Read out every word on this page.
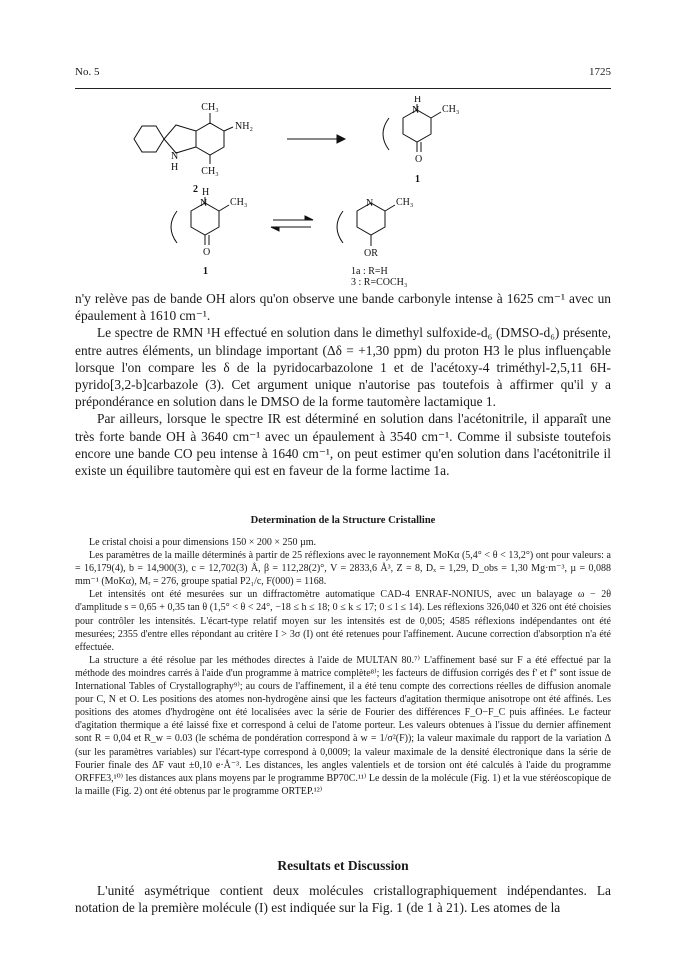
No. 5	1725
CH₃
NH₂
N
H CH₃
2
H
N CH₃
O
1
H
N CH₃
O
1
N CH₃
OR
1a : R=H
3 : R=COCH₃

n'y relève pas de bande OH alors qu'on observe une bande carbonyle intense à 1625 cm⁻¹ avec un épaulement à 1610 cm⁻¹.

Le spectre de RMN ¹H effectué en solution dans le dimethyl sulfoxide-d₆ (DMSO-d₆) présente, entre autres éléments, un blindage important (Δδ = +1,30 ppm) du proton H3 le plus influençable lorsque l'on compare les δ de la pyridocarbazolone 1 et de l'acétoxy-4 triméthyl-2,5,11 6H-pyrido[3,2-b]carbazole (3). Cet argument unique n'autorise pas toutefois à affirmer qu'il y a prépondérance en solution dans le DMSO de la forme tautomère lactamique 1.

Par ailleurs, lorsque le spectre IR est déterminé en solution dans l'acétonitrile, il apparaît une très forte bande OH à 3640 cm⁻¹ avec un épaulement à 3540 cm⁻¹. Comme il subsiste toutefois encore une bande CO peu intense à 1640 cm⁻¹, on peut estimer qu'en solution dans l'acétonitrile il existe un équilibre tautomère qui est en faveur de la forme lactime 1a.

Determination de la Structure Cristalline

Le cristal choisi a pour dimensions 150 × 200 × 250 µm.

Les paramètres de la maille déterminés à partir de 25 réflexions avec le rayonnement MoKα (5,4° < θ < 13,2°) ont pour valeurs: a = 16,179(4), b = 14,900(3), c = 12,702(3) Å, β = 112,28(2)°, V = 2833,6 Å³, Z = 8, Dₓ = 1,29, D_obs = 1,30 Mg·m⁻³, µ = 0,088 mm⁻¹ (MoKα), Mᵣ = 276, groupe spatial P2₁/c, F(000) = 1168.

Let intensités ont été mesurées sur un diffractomètre automatique CAD-4 ENRAF-NONIUS, avec un balayage ω − 2θ d'amplitude s = 0,65 + 0,35 tan θ (1,5° < θ < 24°, −18 ≤ h ≤ 18; 0 ≤ k ≤ 17; 0 ≤ l ≤ 14). Les réflexions 326,040 et 326 ont été choisies pour contrôler les intensités. L'écart-type relatif moyen sur les intensités est de 0,005; 4585 réflexions indépendantes ont été mesurées; 2355 d'entre elles répondant au critère I > 3σ (I) ont été retenues pour l'affinement. Aucune correction d'absorption n'a été effectuée.

La structure a été résolue par les méthodes directes à l'aide de MULTAN 80.⁷⁾ L'affinement basé sur F a été effectué par la méthode des moindres carrés à l'aide d'un programme à matrice complète⁸⁾; les facteurs de diffusion corrigés des f' et f'' sont issue de International Tables of Crystallography⁹⁾; au cours de l'affinement, il a été tenu compte des corrections réelles de diffusion anomale pour C, N et O. Les positions des atomes non-hydrogène ainsi que les facteurs d'agitation thermique anisotrope ont été affinés. Les positions des atomes d'hydrogène ont été localisées avec la série de Fourier des différences F_O−F_C puis affinées. Le facteur d'agitation thermique a été laissé fixe et correspond à celui de l'atome porteur. Les valeurs obtenues à l'issue du dernier affinement sont R = 0,04 et R_w = 0.03 (le schéma de pondération correspond à w = 1/σ²(F)); la valeur maximale du rapport de la variation Δ (sur les paramètres variables) sur l'écart-type correspond à 0,0009; la valeur maximale de la densité électronique dans la série de Fourier finale des ΔF vaut ±0,10 e·Å⁻³. Les distances, les angles valentiels et de torsion ont été calculés à l'aide du programme ORFFE3,¹⁰⁾ les distances aux plans moyens par le programme BP70C.¹¹⁾ Le dessin de la molécule (Fig. 1) et la vue stéréoscopique de la maille (Fig. 2) ont été obtenus par le programme ORTEP.¹²⁾

Resultats et Discussion

L'unité asymétrique contient deux molécules cristallographiquement indépendantes. La notation de la première molécule (I) est indiquée sur la Fig. 1 (de 1 à 21). Les atomes de la
